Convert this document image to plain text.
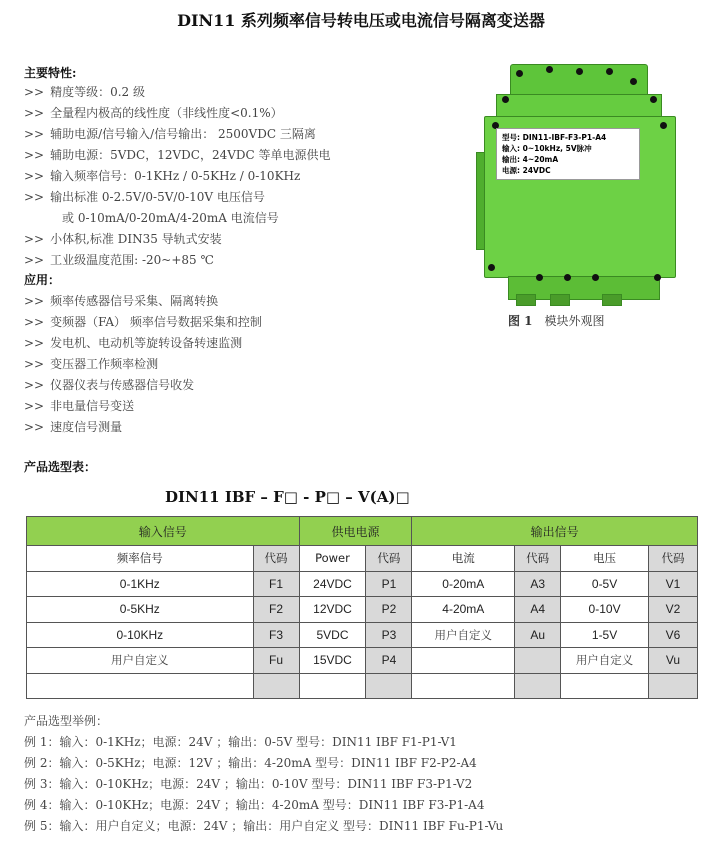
DIN11 系列频率信号转电压或电流信号隔离变送器
主要特性:
>> 精度等级：0.2 级
>> 全量程内极高的线性度（非线性度<0.1%）
>> 辅助电源/信号输入/信号输出： 2500VDC 三隔离
>> 辅助电源：5VDC，12VDC，24VDC 等单电源供电
>> 输入频率信号：0-1KHz / 0-5KHz / 0-10KHz
>> 输出标准 0-2.5V/0-5V/0-10V 电压信号
或 0-10mA/0-20mA/4-20mA 电流信号
>> 小体积,标准 DIN35 导轨式安装
>> 工业级温度范围: -20~+85 ℃
应用：
>> 频率传感器信号采集、隔离转换
>> 变频器（FA） 频率信号数据采集和控制
>> 发电机、电动机等旋转设备转速监测
>> 变压器工作频率检测
>> 仪器仪表与传感器信号收发
>> 非电量信号变送
>> 速度信号测量
型号: DIN11-IBF-F3-P1-A4
输入: 0~10kHz, 5V脉冲
输出: 4~20mA
电源: 24VDC
图 1 模块外观图
产品选型表：
DIN11 IBF – F□ - P□ – V(A)□
输入信号		供电电源		输出信号			
频率信号	代码	Power	代码	电流	代码	电压	代码
0-1KHz	F1	24VDC	P1	0-20mA	A3	0-5V	V1
0-5KHz	F2	12VDC	P2	4-20mA	A4	0-10V	V2
0-10KHz	F3	5VDC	P3	用户自定义	Au	1-5V	V6
用户自定义	Fu	15VDC	P4			用户自定义	Vu

产品选型举例：
例 1：输入：0-1KHz；电源：24V ；输出：0-5V 型号：DIN11 IBF F1-P1-V1
例 2：输入：0-5KHz；电源：12V ；输出：4-20mA 型号：DIN11 IBF F2-P2-A4
例 3：输入：0-10KHz；电源：24V ；输出：0-10V 型号：DIN11 IBF F3-P1-V2
例 4：输入：0-10KHz；电源：24V ；输出：4-20mA 型号：DIN11 IBF F3-P1-A4
例 5：输入：用户自定义；电源：24V ；输出：用户自定义 型号：DIN11 IBF Fu-P1-Vu
